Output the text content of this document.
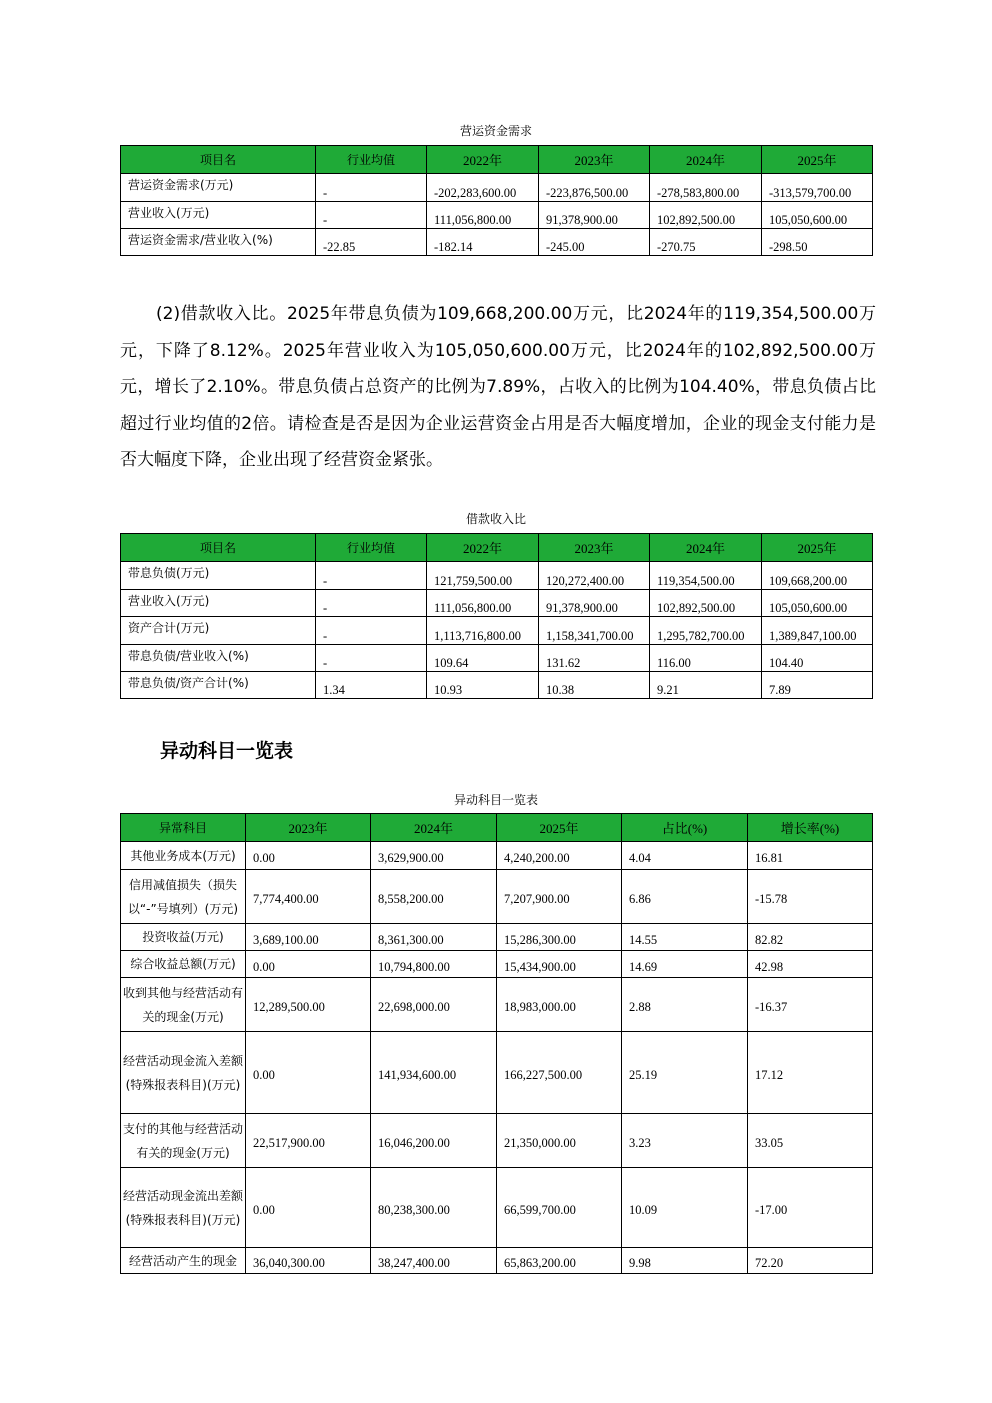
营运资金需求
项目名	行业均值	2022年	2023年	2024年	2025年
营运资金需求(万元)	-	-202,283,600.00	-223,876,500.00	-278,583,800.00	-313,579,700.00

营业收入(万元)	-	111,056,800.00	91,378,900.00	102,892,500.00	105,050,600.00

营运资金需求/营业收入(%)	-22.85	-182.14	-245.00	-270.75	-298.50
(2)借款收入比。2025年带息负债为109,668,200.00万元，比2024年的119,354,500.00万元，下降了8.12%。2025年营业收入为105,050,600.00万元，比2024年的102,892,500.00万元，增长了2.10%。带息负债占总资产的比例为7.89%，占收入的比例为104.40%，带息负债占比超过行业均值的2倍。请检查是否是因为企业运营资金占用是否大幅度增加，企业的现金支付能力是否大幅度下降，企业出现了经营资金紧张。
借款收入比
项目名	行业均值	2022年	2023年	2024年	2025年
带息负债(万元)	-	121,759,500.00	120,272,400.00	119,354,500.00	109,668,200.00

营业收入(万元)	-	111,056,800.00	91,378,900.00	102,892,500.00	105,050,600.00

资产合计(万元)	-	1,113,716,800.00	1,158,341,700.00	1,295,782,700.00	1,389,847,100.00

带息负债/营业收入(%)	-	109.64	131.62	116.00	104.40

带息负债/资产合计(%)	1.34	10.93	10.38	9.21	7.89
异动科目一览表
异动科目一览表
异常科目	2023年	2024年	2025年	占比(%)	增长率(%)
其他业务成本(万元)	0.00	3,629,900.00	4,240,200.00	4.04	16.81

信用减值损失（损失以“-”号填列）(万元)	7,774,400.00	8,558,200.00	7,207,900.00	6.86	-15.78

投资收益(万元)	3,689,100.00	8,361,300.00	15,286,300.00	14.55	82.82

综合收益总额(万元)	0.00	10,794,800.00	15,434,900.00	14.69	42.98

收到其他与经营活动有关的现金(万元)	12,289,500.00	22,698,000.00	18,983,000.00	2.88	-16.37

经营活动现金流入差额(特殊报表科目)(万元)	0.00	141,934,600.00	166,227,500.00	25.19	17.12

支付的其他与经营活动有关的现金(万元)	22,517,900.00	16,046,200.00	21,350,000.00	3.23	33.05

经营活动现金流出差额(特殊报表科目)(万元)	0.00	80,238,300.00	66,599,700.00	10.09	-17.00

经营活动产生的现金	36,040,300.00	38,247,400.00	65,863,200.00	9.98	72.20
